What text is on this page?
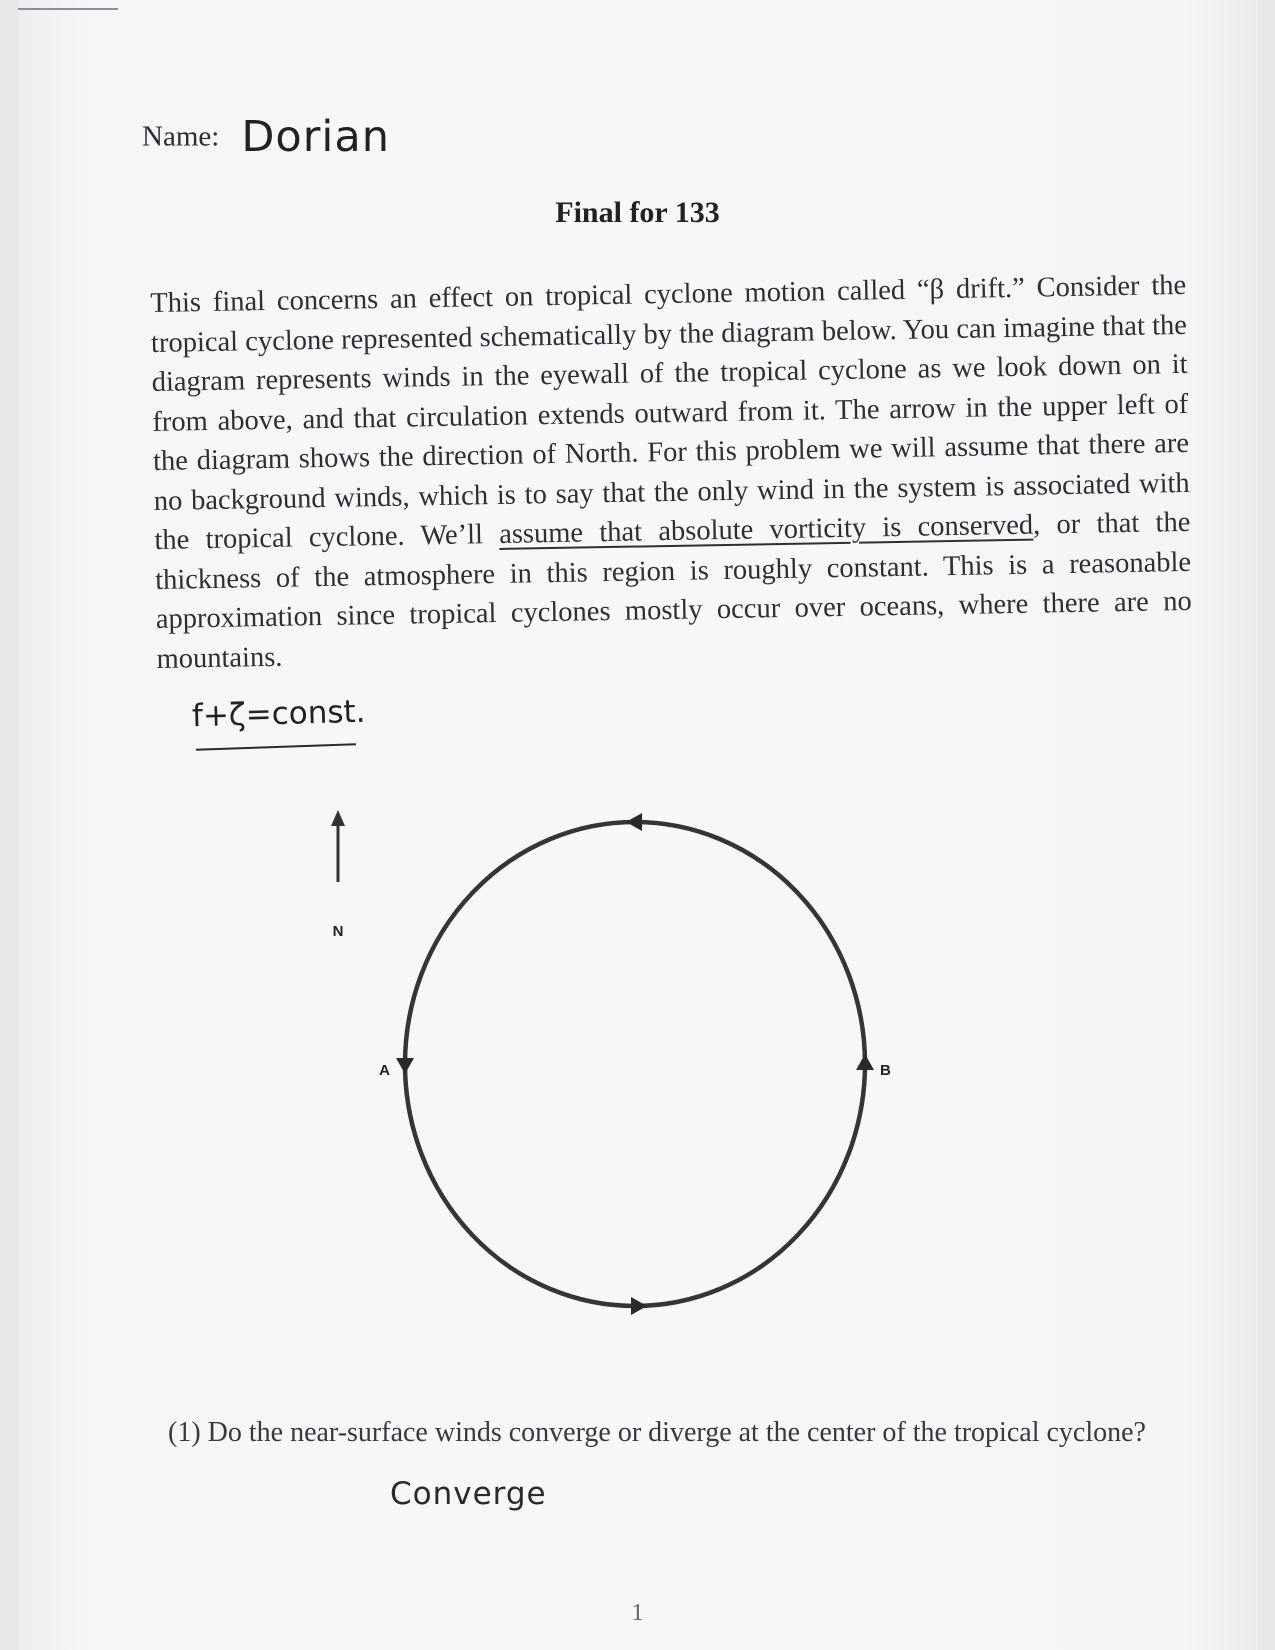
Name: Dorian
Final for 133
This final concerns an effect on tropical cyclone motion called “β drift.” Consider the tropical cyclone represented schematically by the diagram below. You can imagine that the diagram represents winds in the eyewall of the tropical cyclone as we look down on it from above, and that circulation extends outward from it. The arrow in the upper left of the diagram shows the direction of North. For this problem we will assume that there are no background winds, which is to say that the only wind in the system is associated with the tropical cyclone. We’ll assume that absolute vorticity is conserved, or that the thickness of the atmosphere in this region is roughly constant. This is a reasonable approximation since tropical cyclones mostly occur over oceans, where there are no mountains.
f+ζ=const.
N
A	B
(1) Do the near-surface winds converge or diverge at the center of the tropical cyclone?
Converge
1
